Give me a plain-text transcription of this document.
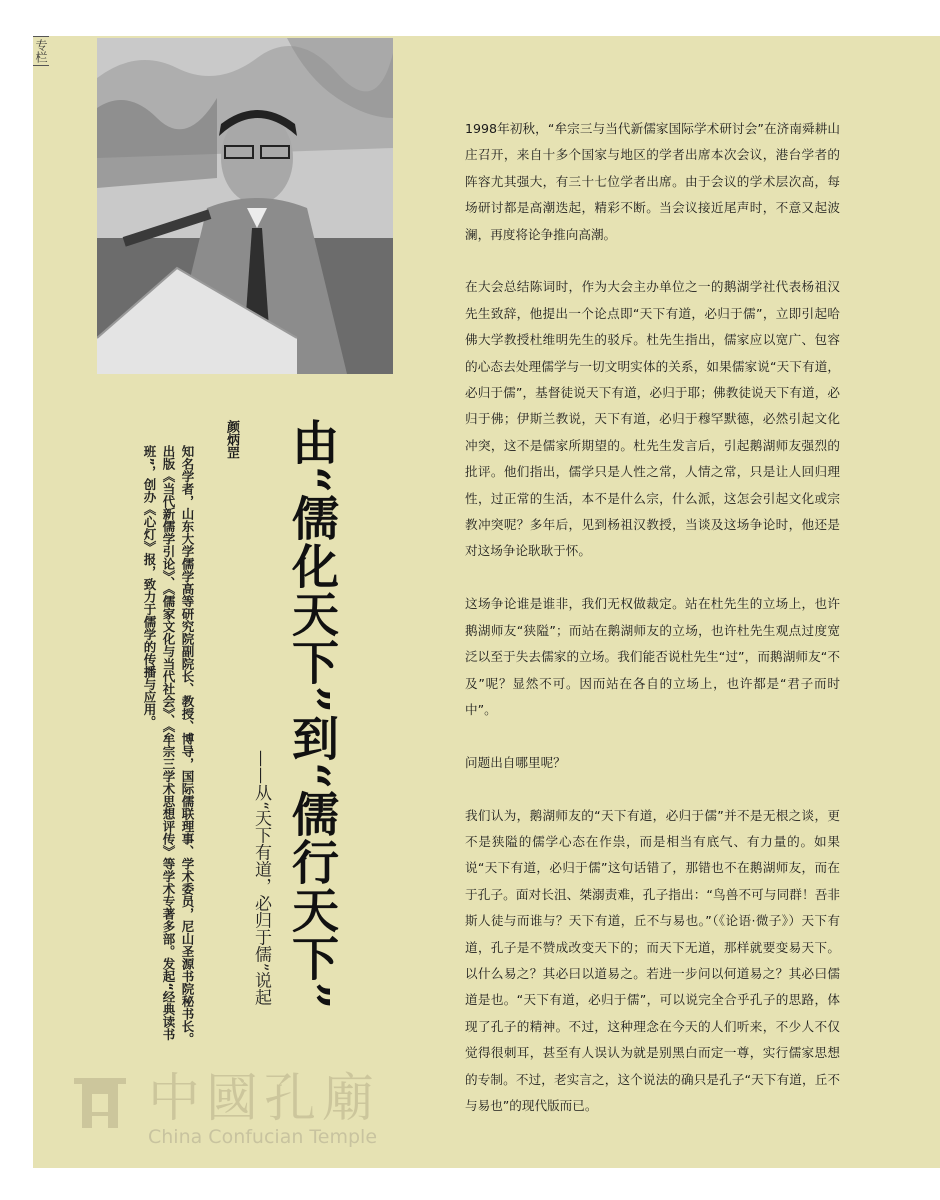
专栏
由“儒化天下”到“儒行天下”
——从“天下有道，必归于儒”说起
颜炳罡
知名学者，山东大学儒学高等研究院副院长、教授、博导，国际儒联理事、学术委员，尼山圣源书院秘书长。出版《当代新儒学引论》、《儒家文化与当代社会》、《牟宗三学术思想评传》等学术专著多部。发起“经典读书班”，创办《心灯》报，致力于儒学的传播与应用。

1998年初秋，“牟宗三与当代新儒家国际学术研讨会”在济南舜耕山庄召开，来自十多个国家与地区的学者出席本次会议，港台学者的阵容尤其强大，有三十七位学者出席。由于会议的学术层次高，每场研讨都是高潮迭起，精彩不断。当会议接近尾声时，不意又起波澜，再度将论争推向高潮。

在大会总结陈词时，作为大会主办单位之一的鹅湖学社代表杨祖汉先生致辞，他提出一个论点即“天下有道，必归于儒”，立即引起哈佛大学教授杜维明先生的驳斥。杜先生指出，儒家应以宽广、包容的心态去处理儒学与一切文明实体的关系，如果儒家说“天下有道，必归于儒”，基督徒说天下有道，必归于耶；佛教徒说天下有道，必归于佛；伊斯兰教说，天下有道，必归于穆罕默德，必然引起文化冲突，这不是儒家所期望的。杜先生发言后，引起鹅湖师友强烈的批评。他们指出，儒学只是人性之常，人情之常，只是让人回归理性，过正常的生活，本不是什么宗，什么派，这怎会引起文化或宗教冲突呢？多年后，见到杨祖汉教授，当谈及这场争论时，他还是对这场争论耿耿于怀。

这场争论谁是谁非，我们无权做裁定。站在杜先生的立场上，也许鹅湖师友“狭隘”；而站在鹅湖师友的立场，也许杜先生观点过度宽泛以至于失去儒家的立场。我们能否说杜先生“过”，而鹅湖师友“不及”呢？显然不可。因而站在各自的立场上，也许都是“君子而时中”。

问题出自哪里呢？

我们认为，鹅湖师友的“天下有道，必归于儒”并不是无根之谈，更不是狭隘的儒学心态在作祟，而是相当有底气、有力量的。如果说“天下有道，必归于儒”这句话错了，那错也不在鹅湖师友，而在于孔子。面对长沮、桀溺责难，孔子指出：“鸟兽不可与同群！吾非斯人徒与而谁与？天下有道，丘不与易也。”（《论语·微子》）天下有道，孔子是不赞成改变天下的；而天下无道，那样就要变易天下。以什么易之？其必曰以道易之。若进一步问以何道易之？其必曰儒道是也。“天下有道，必归于儒”，可以说完全合乎孔子的思路，体现了孔子的精神。不过，这种理念在今天的人们听来，不少人不仅觉得很刺耳，甚至有人误认为就是别黑白而定一尊，实行儒家思想的专制。不过，老实言之，这个说法的确只是孔子“天下有道，丘不与易也”的现代版而已。

中國孔廟
China Confucian Temple
